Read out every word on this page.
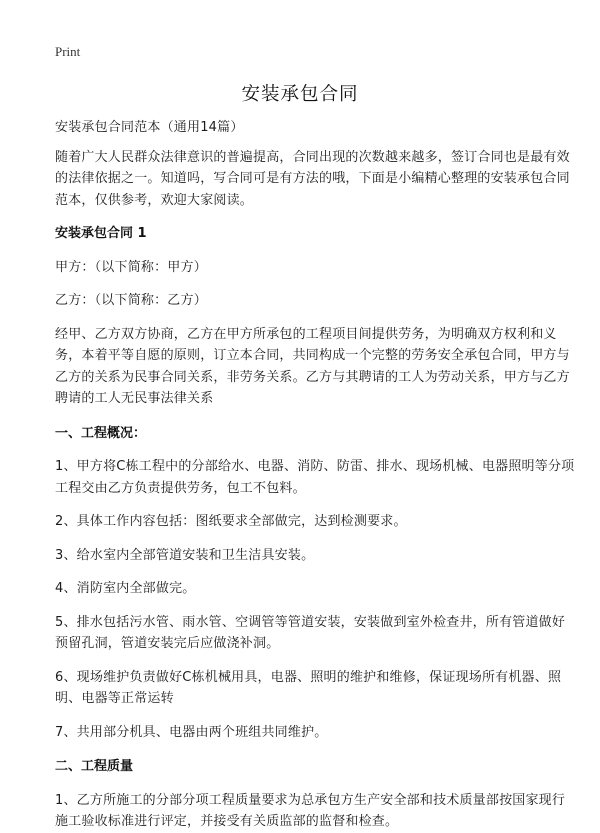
Print
安装承包合同

安装承包合同范本（通用14篇）

随着广大人民群众法律意识的普遍提高，合同出现的次数越来越多，签订合同也是最有效的法律依据之一。知道吗，写合同可是有方法的哦，下面是小编精心整理的安装承包合同范本，仅供参考，欢迎大家阅读。

安装承包合同 1

甲方：（以下简称：甲方）

乙方：（以下简称：乙方）

经甲、乙方双方协商，乙方在甲方所承包的工程项目间提供劳务，为明确双方权利和义务，本着平等自愿的原则，订立本合同，共同构成一个完整的劳务安全承包合同，甲方与乙方的关系为民事合同关系，非劳务关系。乙方与其聘请的工人为劳动关系，甲方与乙方聘请的工人无民事法律关系

一、工程概况：

1、甲方将C栋工程中的分部给水、电器、消防、防雷、排水、现场机械、电器照明等分项工程交由乙方负责提供劳务，包工不包料。

2、具体工作内容包括：图纸要求全部做完，达到检测要求。

3、给水室内全部管道安装和卫生洁具安装。

4、消防室内全部做完。

5、排水包括污水管、雨水管、空调管等管道安装，安装做到室外检查井，所有管道做好预留孔洞，管道安装完后应做浇补洞。

6、现场维护负责做好C栋机械用具，电器、照明的维护和维修，保证现场所有机器、照明、电器等正常运转

7、共用部分机具、电器由两个班组共同维护。

二、工程质量

1、乙方所施工的分部分项工程质量要求为总承包方生产安全部和技术质量部按国家现行施工验收标准进行评定，并接受有关质监部的监督和检查。
